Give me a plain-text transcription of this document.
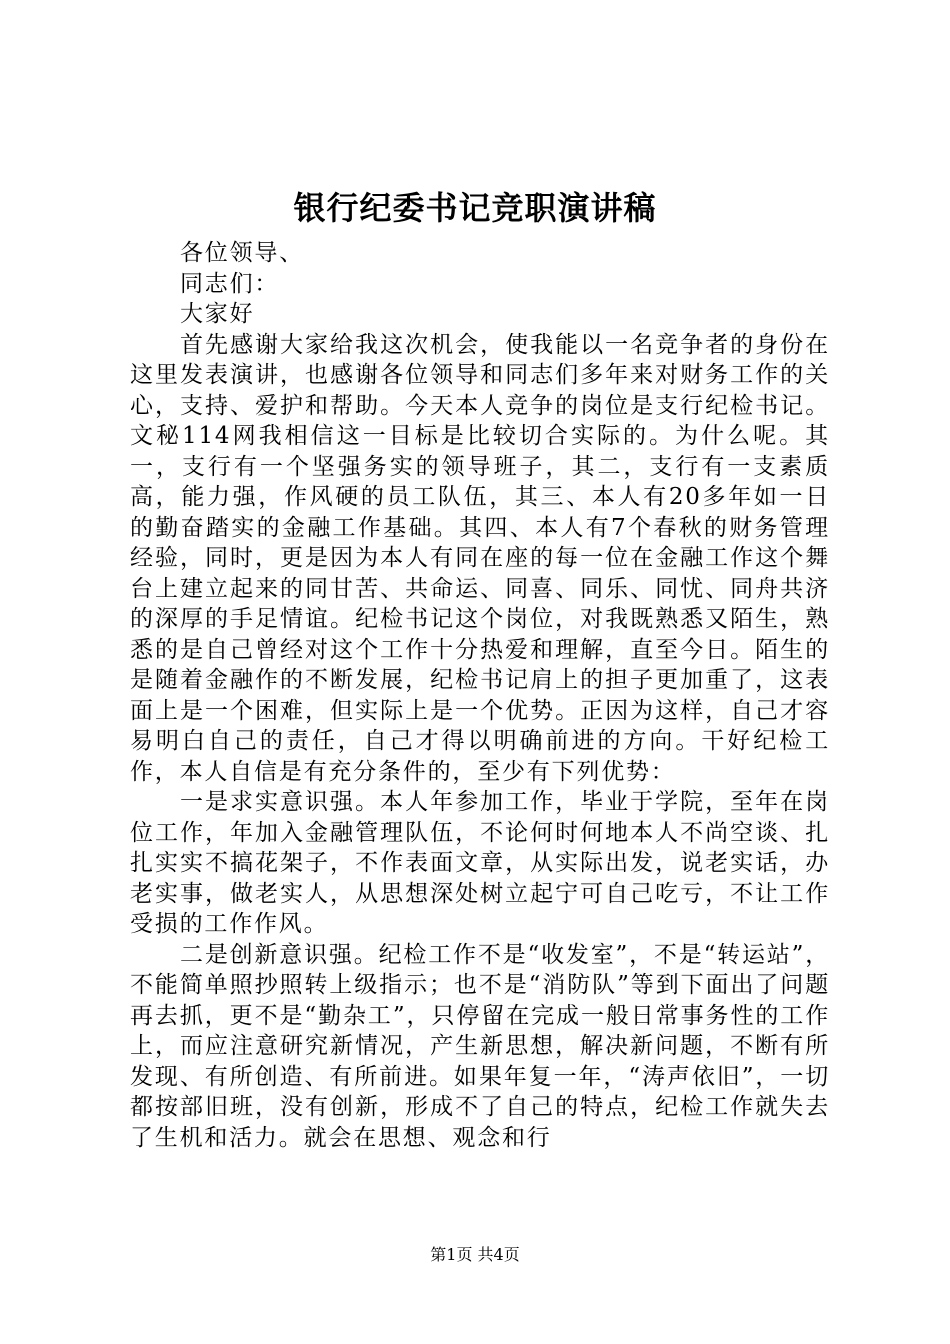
银行纪委书记竞职演讲稿

各位领导、

同志们：

大家好

首先感谢大家给我这次机会，使我能以一名竞争者的身份在这里发表演讲，也感谢各位领导和同志们多年来对财务工作的关心，支持、爱护和帮助。今天本人竞争的岗位是支行纪检书记。文秘114网我相信这一目标是比较切合实际的。为什么呢。其一，支行有一个坚强务实的领导班子，其二，支行有一支素质高，能力强，作风硬的员工队伍，其三、本人有20多年如一日的勤奋踏实的金融工作基础。其四、本人有7个春秋的财务管理经验，同时，更是因为本人有同在座的每一位在金融工作这个舞台上建立起来的同甘苦、共命运、同喜、同乐、同忧、同舟共济的深厚的手足情谊。纪检书记这个岗位，对我既熟悉又陌生，熟悉的是自己曾经对这个工作十分热爱和理解，直至今日。陌生的是随着金融作的不断发展，纪检书记肩上的担子更加重了，这表面上是一个困难，但实际上是一个优势。正因为这样，自己才容易明白自己的责任，自己才得以明确前进的方向。干好纪检工作，本人自信是有充分条件的，至少有下列优势：

一是求实意识强。本人年参加工作，毕业于学院，至年在岗位工作，年加入金融管理队伍，不论何时何地本人不尚空谈、扎扎实实不搞花架子，不作表面文章，从实际出发，说老实话，办老实事，做老实人，从思想深处树立起宁可自己吃亏，不让工作受损的工作作风。

二是创新意识强。纪检工作不是“收发室”，不是“转运站”，不能简单照抄照转上级指示；也不是“消防队”等到下面出了问题再去抓，更不是“勤杂工”，只停留在完成一般日常事务性的工作上，而应注意研究新情况，产生新思想，解决新问题，不断有所发现、有所创造、有所前进。如果年复一年，“涛声依旧”，一切都按部旧班，没有创新，形成不了自己的特点，纪检工作就失去了生机和活力。就会在思想、观念和行

第1页 共4页
